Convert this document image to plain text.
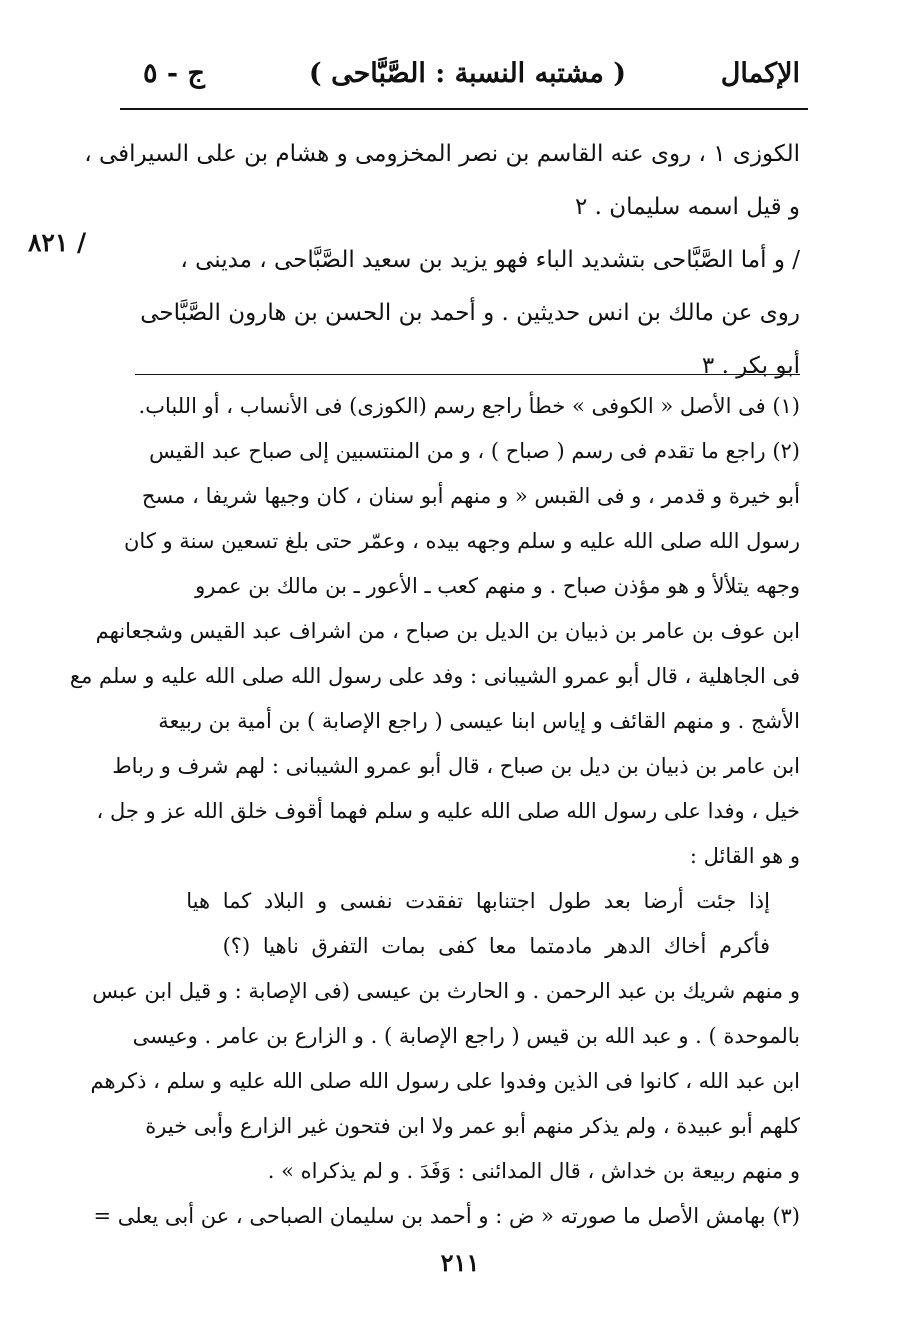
الإكمال
( مشتبه النسبة : الصَّبَّاحى )
ج - ٥
/ ٨٢١
الكوزى ١ ، روى عنه القاسم بن نصر المخزومى و هشام بن على السيرافى ،
و قيل اسمه سليمان . ٢
/ و أما الصَّبَّاحى بتشديد الباء فهو يزيد بن سعيد الصَّبَّاحى ، مدينى ،
روى عن مالك بن انس حديثين . و أحمد بن الحسن بن هارون الصَّبَّاحى
أبو بكر . ٣
(١) فى الأصل « الكوفى » خطأ راجع رسم (الكوزى) فى الأنساب ، أو اللباب.
(٢) راجع ما تقدم فى رسم ( صباح ) ، و من المنتسبين إلى صباح عبد القيس
أبو خيرة و قدمر ، و فى القبس « و منهم أبو سنان ، كان وجيها شريفا ، مسح
رسول الله صلى الله عليه و سلم وجهه بيده ، وعمّر حتى بلغ تسعين سنة و كان
وجهه يتلألأ و هو مؤذن صباح . و منهم كعب ـ الأعور ـ بن مالك بن عمرو
ابن عوف بن عامر بن ذبيان بن الديل بن صباح ، من اشراف عبد القيس وشجعانهم
فى الجاهلية ، قال أبو عمرو الشيبانى : وفد على رسول الله صلى الله عليه و سلم مع
الأشج . و منهم القائف و إياس ابنا عيسى ( راجع الإصابة ) بن أمية بن ربيعة
ابن عامر بن ذبيان بن ديل بن صباح ، قال أبو عمرو الشيبانى : لهم شرف و رباط
خيل ، وفدا على رسول الله صلى الله عليه و سلم فهما أقوف خلق الله عز و جل ،
و هو القائل :
إذا جئت أرضا بعد طول اجتنابها تفقدت نفسى و البلاد كما هيا
فأكرم أخاك الدهر مادمتما معا كفى بمات التفرق ناهيا (؟)
و منهم شريك بن عبد الرحمن . و الحارث بن عيسى (فى الإصابة : و قيل ابن عبس
بالموحدة ) . و عبد الله بن قيس ( راجع الإصابة ) . و الزارع بن عامر . وعيسى
ابن عبد الله ، كانوا فى الذين وفدوا على رسول الله صلى الله عليه و سلم ، ذكرهم
كلهم أبو عبيدة ، ولم يذكر منهم أبو عمر ولا ابن فتحون غير الزارع وأبى خيرة
و منهم ربيعة بن خداش ، قال المدائنى : وَفَدَ . و لم يذكراه » .
(٣) بهامش الأصل ما صورته « ض : و أحمد بن سليمان الصباحى ، عن أبى يعلى =
٢١١
